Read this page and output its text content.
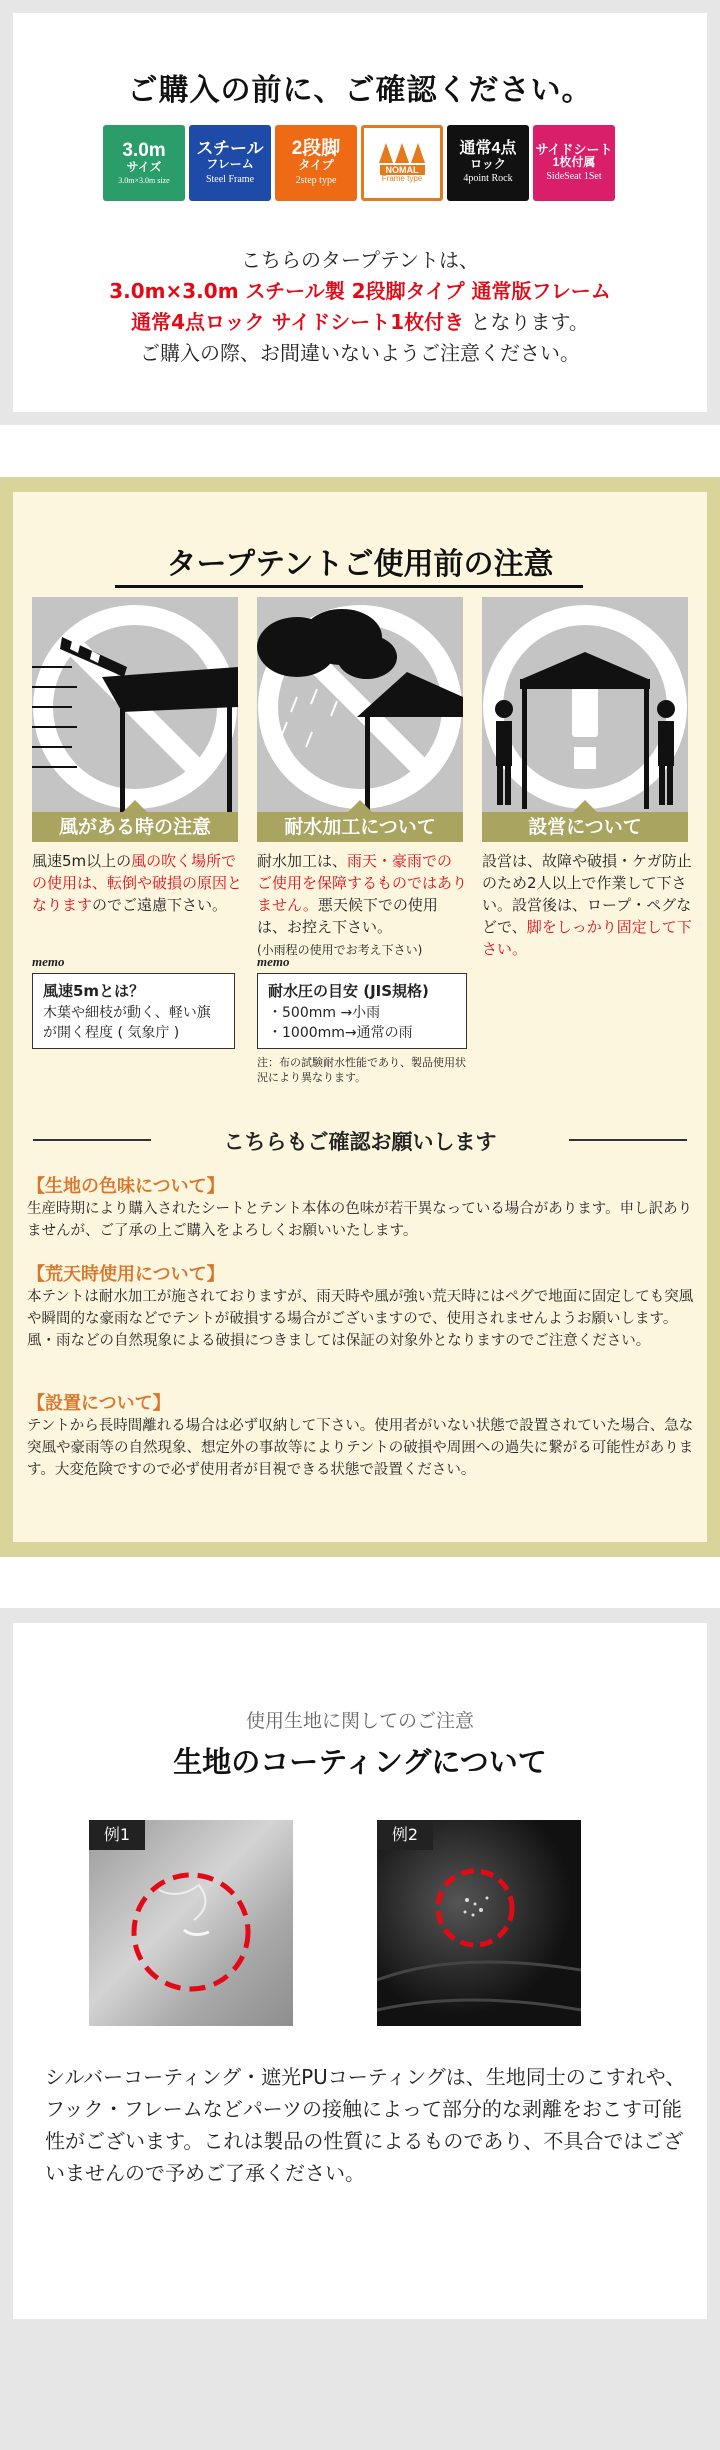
ご購入の前に、ご確認ください。
3.0m
サイズ
3.0m×3.0m size
スチール
フレーム
Steel Frame
2段脚
タイプ
2step type
NOMAL
Frame type
通常4点
ロック
4point Rock
サイドシート
1枚付属
SideSeat 1Set
こちらのタープテントは、
3.0m×3.0m スチール製 2段脚タイプ 通常版フレーム
通常4点ロック サイドシート1枚付き となります。
ご購入の際、お間違いないようご注意ください。
タープテントご使用前の注意
風がある時の注意	耐水加工について	設営について
風速5m以上の風の吹く場所での使用は、転倒や破損の原因となりますのでご遠慮下さい。
耐水加工は、雨天・豪雨でのご使用を保障するものではありません。悪天候下での使用は、お控え下さい。
(小雨程の使用でお考え下さい)
設営は、故障や破損・ケガ防止のため2人以上で作業して下さい。設営後は、ロープ・ペグなどで、脚をしっかり固定して下さい。
memo
風速5mとは？
木葉や細枝が動く、軽い旗が開く程度 ( 気象庁 )
memo
耐水圧の目安 (JIS規格)
・500mm →小雨
・1000mm→通常の雨
注：布の試験耐水性能であり、製品使用状況により異なります。
こちらもご確認お願いします
【生地の色味について】
生産時期により購入されたシートとテント本体の色味が若干異なっている場合があります。申し訳ありませんが、ご了承の上ご購入をよろしくお願いいたします。
【荒天時使用について】
本テントは耐水加工が施されておりますが、雨天時や風が強い荒天時にはペグで地面に固定しても突風や瞬間的な豪雨などでテントが破損する場合がございますので、使用されませんようお願いします。風・雨などの自然現象による破損につきましては保証の対象外となりますのでご注意ください。
【設置について】
テントから長時間離れる場合は必ず収納して下さい。使用者がいない状態で設置されていた場合、急な突風や豪雨等の自然現象、想定外の事故等によりテントの破損や周囲への過失に繋がる可能性があります。大変危険ですので必ず使用者が目視できる状態で設置ください。
使用生地に関してのご注意
生地のコーティングについて
例1	例2
シルバーコーティング・遮光PUコーティングは、生地同士のこすれや、フック・フレームなどパーツの接触によって部分的な剥離をおこす可能性がございます。これは製品の性質によるものであり、不具合ではございませんので予めご了承ください。
